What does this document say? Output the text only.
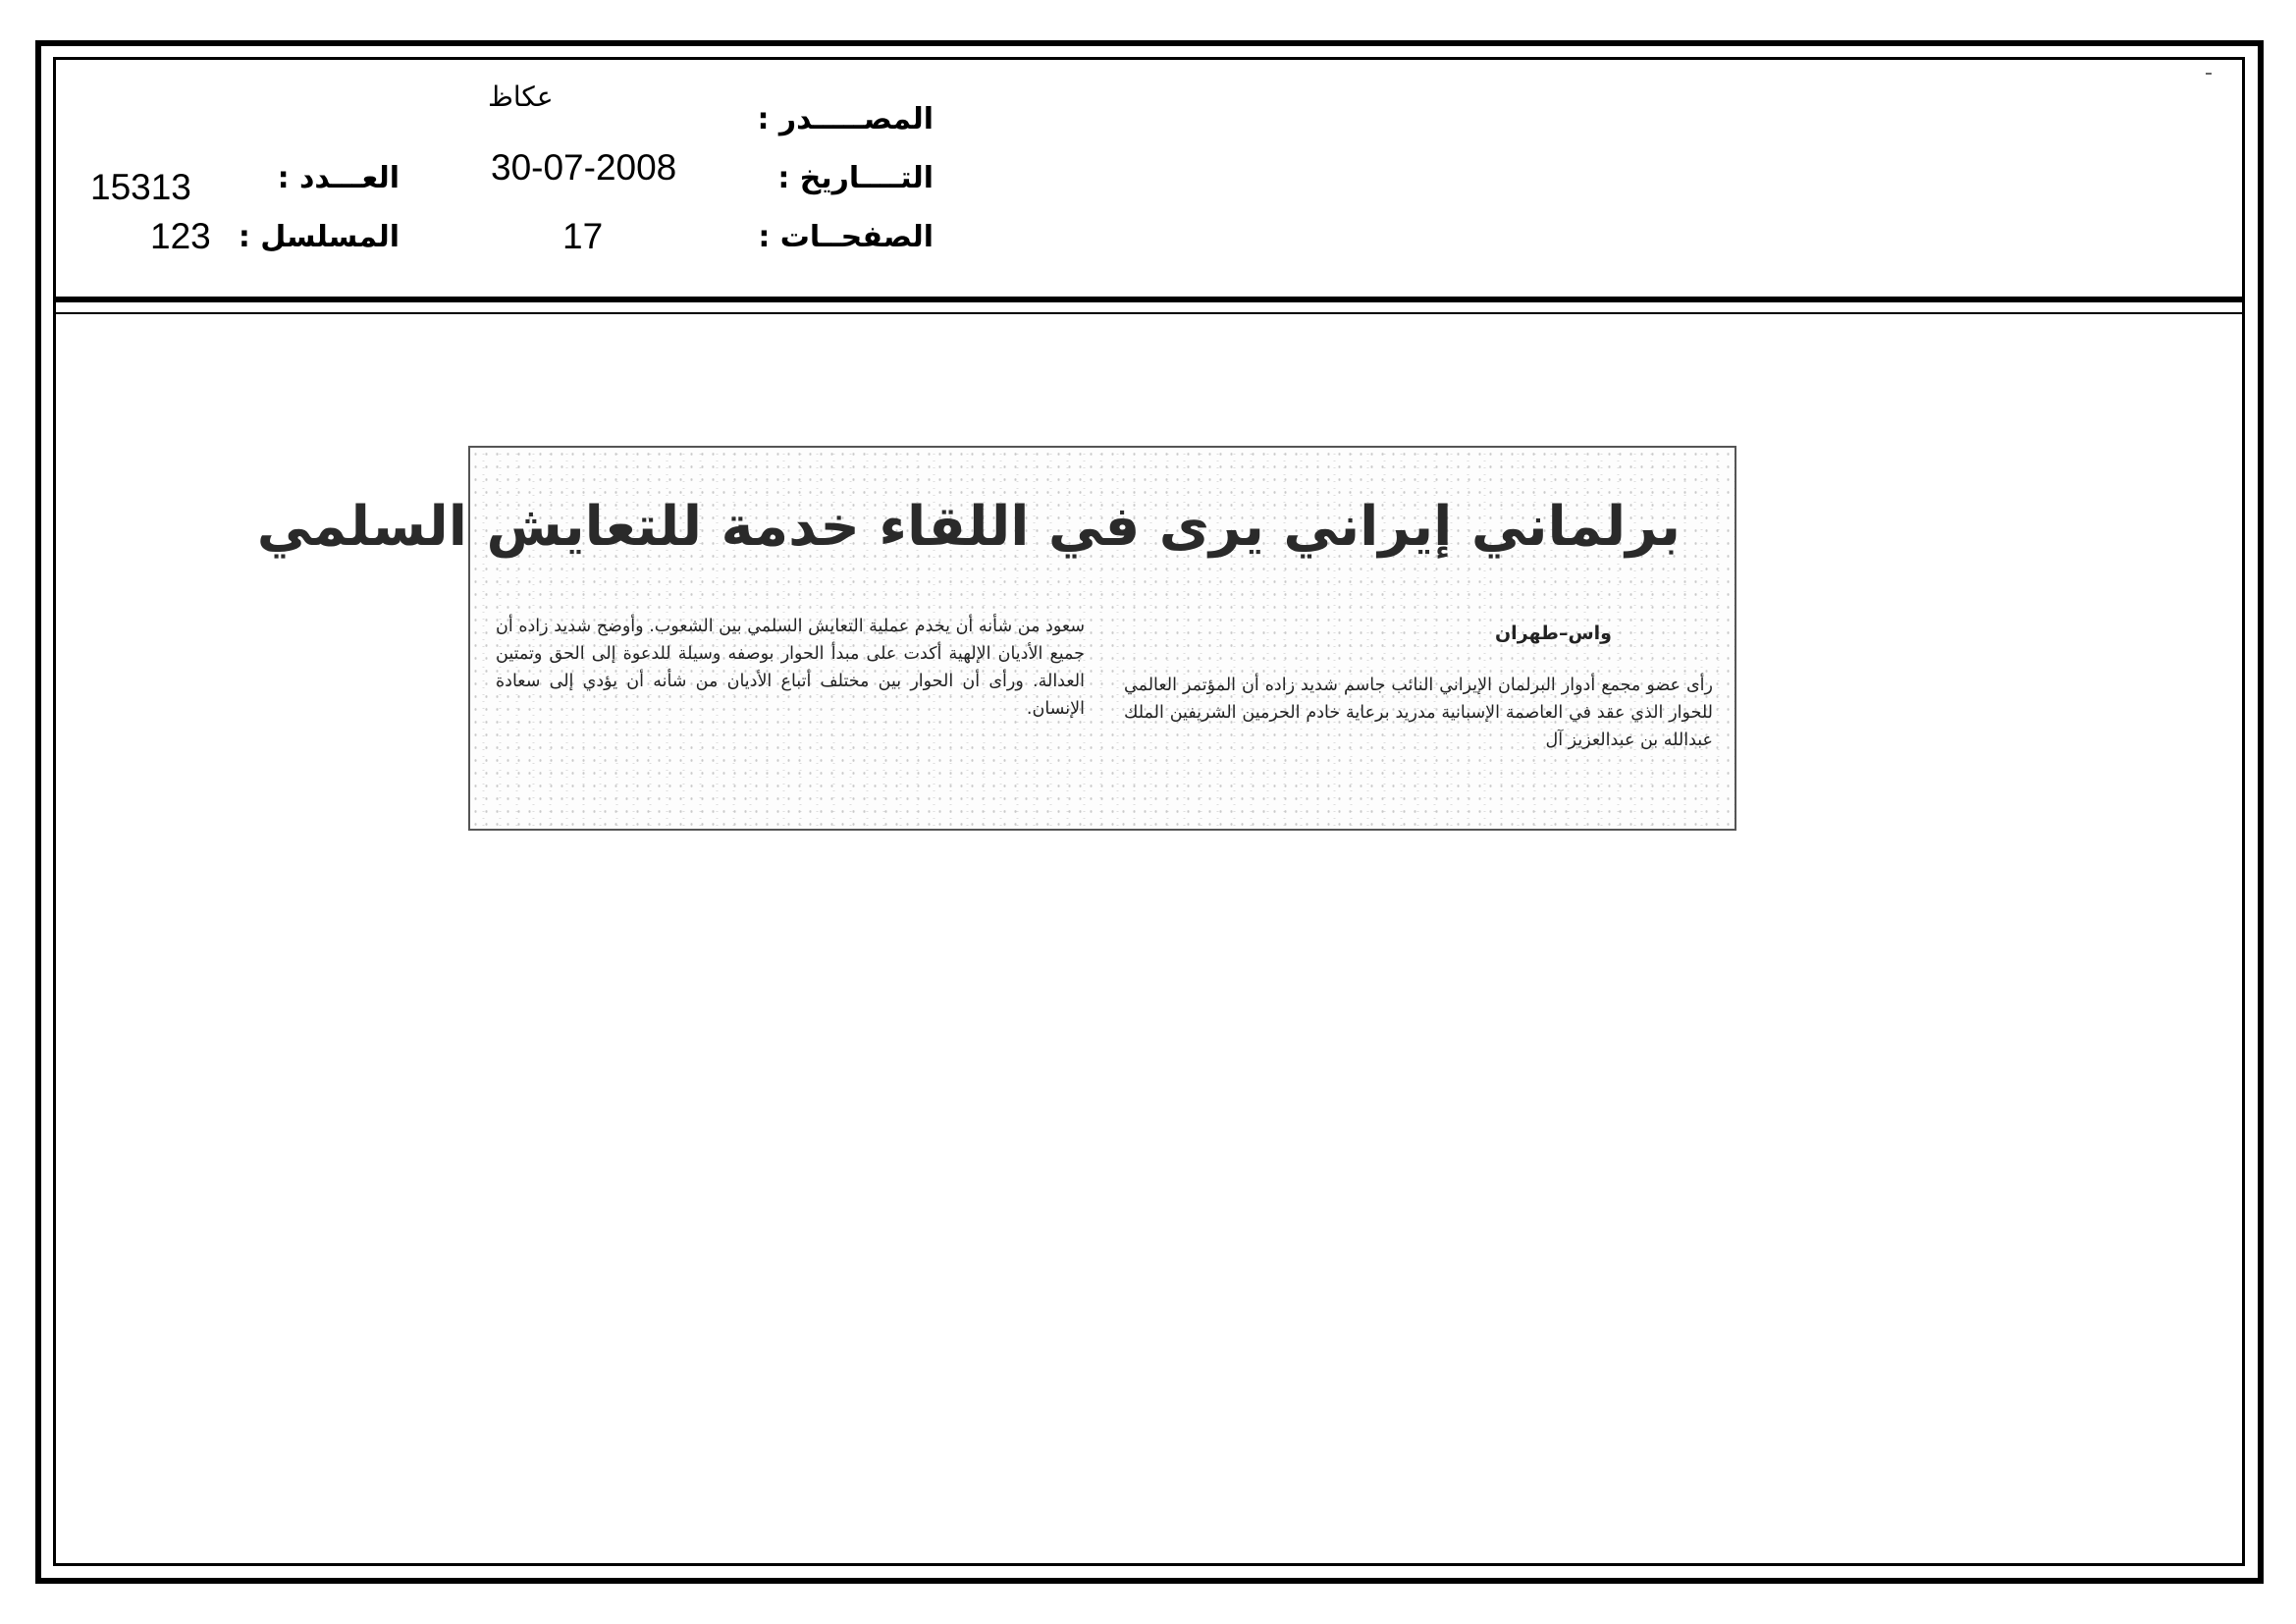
المصـــــدر :
عكاظ
التــــاريخ :
30-07-2008
الصفحــات :
17
العـــدد :
15313
المسلسل :
123
برلماني إيراني يرى في اللقاء خدمة للتعايش السلمي
واس–طهران

رأى عضو مجمع أدوار البرلمان الإيراني النائب جاسم شديد زاده أن المؤتمر العالمي للحوار الذي عقد في العاصمة الإسبانية مدريد برعاية خادم الحرمين الشريفين الملك عبدالله بن عبدالعزيز آل

سعود من شأنه أن يخدم عملية التعايش السلمي بين الشعوب. وأوضح شديد زاده أن جميع الأديان الإلهية أكدت على مبدأ الحوار بوصفه وسيلة للدعوة إلى الحق وتمتين العدالة. ورأى أن الحوار بين مختلف أتباع الأديان من شأنه أن يؤدي إلى سعادة الإنسان.
